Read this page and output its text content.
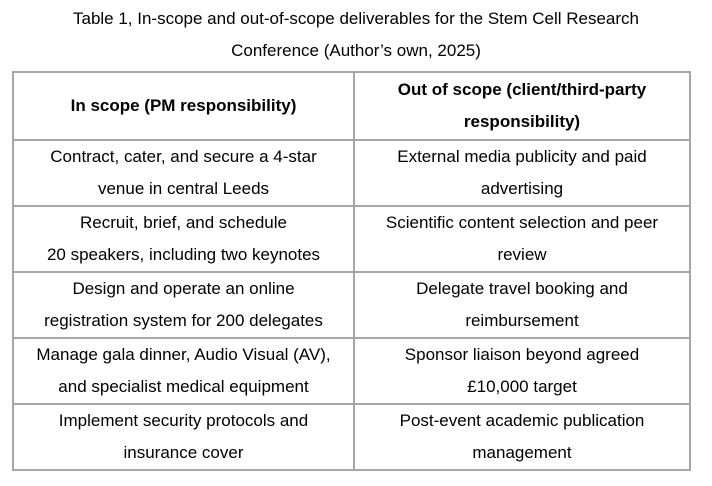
Table 1, In-scope and out-of-scope deliverables for the Stem Cell Research
Conference (Author’s own, 2025)

In scope (PM responsibility)	Out of scope (client/third-party
responsibility)

Contract, cater, and secure a 4-star
venue in central Leeds	External media publicity and paid
advertising

Recruit, brief, and schedule
20 speakers, including two keynotes	Scientific content selection and peer
review

Design and operate an online
registration system for 200 delegates	Delegate travel booking and
reimbursement

Manage gala dinner, Audio Visual (AV),
and specialist medical equipment	Sponsor liaison beyond agreed
£10,000 target

Implement security protocols and
insurance cover	Post-event academic publication
management
